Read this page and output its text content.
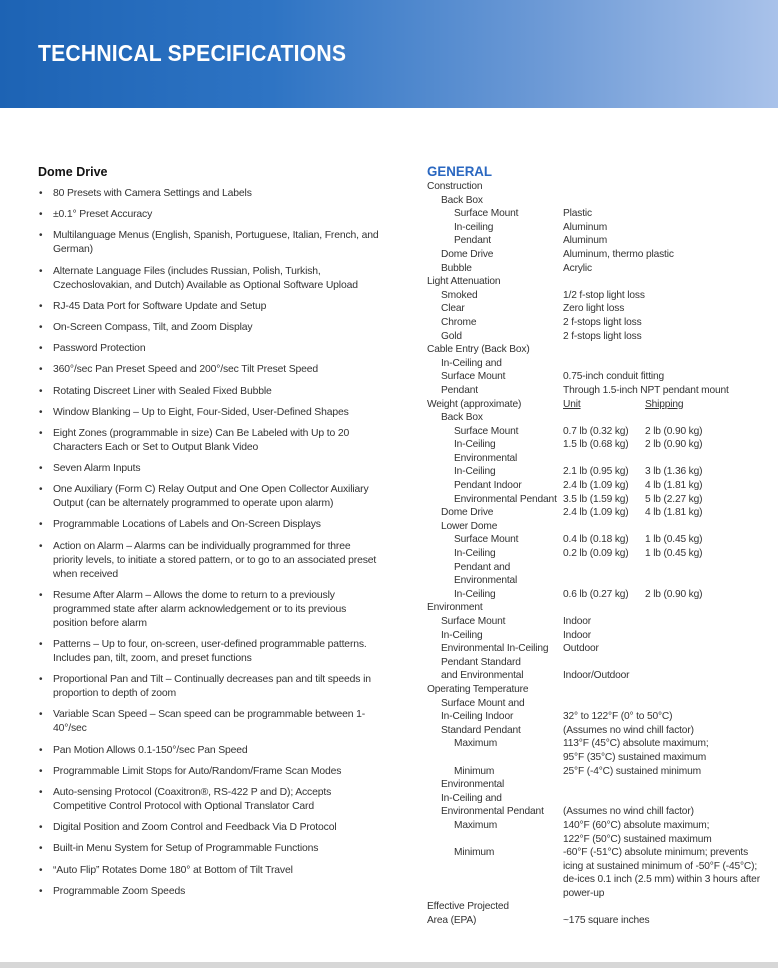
TECHNICAL SPECIFICATIONS
Dome Drive
• 80 Presets with Camera Settings and Labels
• ±0.1° Preset Accuracy
• Multilanguage Menus (English, Spanish, Portuguese, Italian, French, and German)
• Alternate Language Files (includes Russian, Polish, Turkish, Czechoslovakian, and Dutch) Available as Optional Software Upload
• RJ-45 Data Port for Software Update and Setup
• On-Screen Compass, Tilt, and Zoom Display
• Password Protection
• 360°/sec Pan Preset Speed and 200°/sec Tilt Preset Speed
• Rotating Discreet Liner with Sealed Fixed Bubble
• Window Blanking – Up to Eight, Four-Sided, User-Defined Shapes
• Eight Zones (programmable in size) Can Be Labeled with Up to 20 Characters Each or Set to Output Blank Video
• Seven Alarm Inputs
• One Auxiliary (Form C) Relay Output and One Open Collector Auxiliary Output (can be alternately programmed to operate upon alarm)
• Programmable Locations of Labels and On-Screen Displays
• Action on Alarm – Alarms can be individually programmed for three priority levels, to initiate a stored pattern, or to go to an associated preset when received
• Resume After Alarm – Allows the dome to return to a previously programmed state after alarm acknowledgement or to its previous position before alarm
• Patterns – Up to four, on-screen, user-defined programmable patterns. Includes pan, tilt, zoom, and preset functions
• Proportional Pan and Tilt – Continually decreases pan and tilt speeds in proportion to depth of zoom
• Variable Scan Speed – Scan speed can be programmable between 1-40°/sec
• Pan Motion Allows 0.1-150°/sec Pan Speed
• Programmable Limit Stops for Auto/Random/Frame Scan Modes
• Auto-sensing Protocol (Coaxitron®, RS-422 P and D); Accepts Competitive Control Protocol with Optional Translator Card
• Digital Position and Zoom Control and Feedback Via D Protocol
• Built-in Menu System for Setup of Programmable Functions
• “Auto Flip” Rotates Dome 180° at Bottom of Tilt Travel
• Programmable Zoom Speeds
GENERAL
Construction
Back Box
Surface Mount	Plastic
In-ceiling	Aluminum
Pendant	Aluminum
Dome Drive	Aluminum, thermo plastic
Bubble	Acrylic
Light Attenuation
Smoked	1/2 f-stop light loss
Clear	Zero light loss
Chrome	2 f-stops light loss
Gold	2 f-stops light loss
Cable Entry (Back Box)
In-Ceiling and
Surface Mount	0.75-inch conduit fitting
Pendant	Through 1.5-inch NPT pendant mount
Weight (approximate)	Unit	Shipping
Back Box
Surface Mount	0.7 lb (0.32 kg)	2 lb (0.90 kg)
In-Ceiling	1.5 lb (0.68 kg)	2 lb (0.90 kg)
Environmental
In-Ceiling	2.1 lb (0.95 kg)	3 lb (1.36 kg)
Pendant Indoor	2.4 lb (1.09 kg)	4 lb (1.81 kg)
Environmental Pendant 3.5 lb (1.59 kg)	5 lb (2.27 kg)
Dome Drive	2.4 lb (1.09 kg)	4 lb (1.81 kg)
Lower Dome
Surface Mount	0.4 lb (0.18 kg)	1 lb (0.45 kg)
In-Ceiling	0.2 lb (0.09 kg)	1 lb (0.45 kg)
Pendant and
Environmental
In-Ceiling	0.6 lb (0.27 kg)	2 lb (0.90 kg)
Environment
Surface Mount	Indoor
In-Ceiling	Indoor
Environmental In-Ceiling	Outdoor
Pendant Standard
and Environmental	Indoor/Outdoor
Operating Temperature
Surface Mount and
In-Ceiling Indoor	32° to 122°F (0° to 50°C)
Standard Pendant	(Assumes no wind chill factor)
Maximum	113°F (45°C) absolute maximum;
95°F (35°C) sustained maximum
Minimum	25°F (-4°C) sustained minimum
Environmental
In-Ceiling and
Environmental Pendant	(Assumes no wind chill factor)
Maximum	140°F (60°C) absolute maximum;
122°F (50°C) sustained maximum
Minimum	-60°F (-51°C) absolute minimum; prevents
icing at sustained minimum of -50°F (-45°C);
de-ices 0.1 inch (2.5 mm) within 3 hours after
power-up
Effective Projected
Area (EPA)	~175 square inches
